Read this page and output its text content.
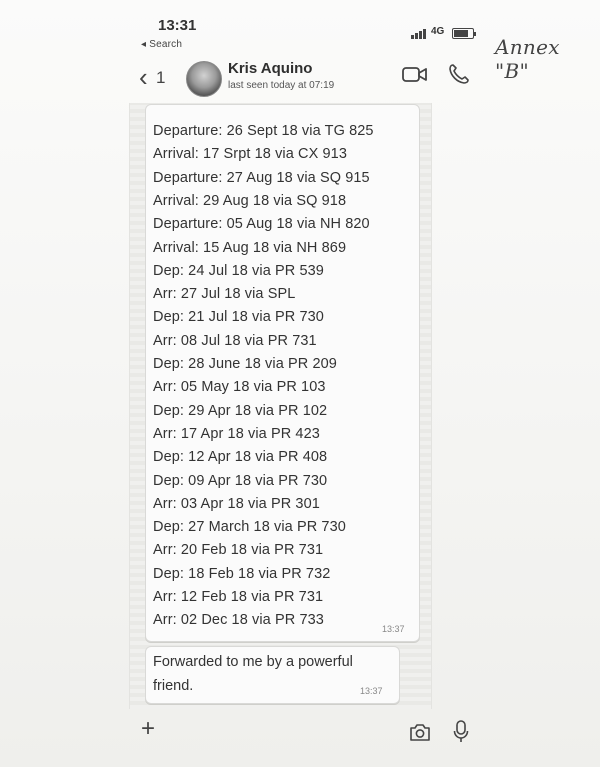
13:31
◂ Search
4G
Annex "B"
‹ 1	Kris Aquino
last seen today at 07:19
Departure: 26 Sept 18 via TG 825
Arrival: 17 Srpt 18 via CX 913
Departure: 27 Aug 18 via SQ 915
Arrival: 29 Aug 18 via SQ 918
Departure: 05 Aug 18 via NH 820
Arrival: 15 Aug 18 via NH 869
Dep: 24 Jul 18 via PR 539
Arr: 27 Jul 18 via SPL
Dep: 21 Jul 18 via PR 730
Arr: 08 Jul 18 via PR 731
Dep: 28 June 18 via PR 209
Arr: 05 May 18 via PR 103
Dep: 29 Apr 18 via PR 102
Arr: 17 Apr 18 via PR 423
Dep: 12 Apr 18 via PR 408
Dep: 09 Apr 18 via PR 730
Arr: 03 Apr 18 via PR 301
Dep: 27 March 18 via PR 730
Arr: 20 Feb 18 via PR 731
Dep: 18 Feb 18 via PR 732
Arr: 12 Feb 18 via PR 731
Arr: 02 Dec 18 via PR 733
13:37
Forwarded to me by a powerful friend.	13:37
+
